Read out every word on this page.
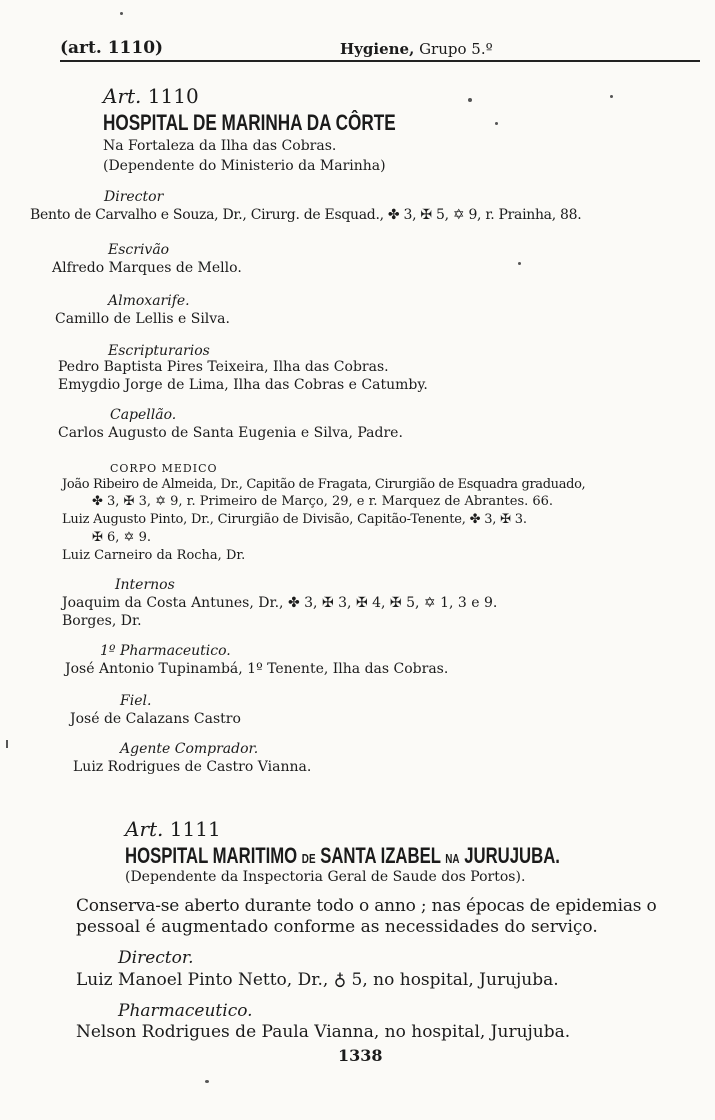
(art. 1110)	Hygiene, Grupo 5.º
Art. 1110
HOSPITAL DE MARINHA DA CÔRTE
Na Fortaleza da Ilha das Cobras.
(Dependente do Ministerio da Marinha)
Director
Bento de Carvalho e Souza, Dr., Cirurg. de Esquad., ✤ 3, ✠ 5, ✡ 9, r. Prainha, 88.
Escrivão
Alfredo Marques de Mello.
Almoxarife.
Camillo de Lellis e Silva.
Escripturarios
Pedro Baptista Pires Teixeira, Ilha das Cobras.
Emygdio Jorge de Lima, Ilha das Cobras e Catumby.
Capellão.
Carlos Augusto de Santa Eugenia e Silva, Padre.
CORPO MEDICO
João Ribeiro de Almeida, Dr., Capitão de Fragata, Cirurgião de Esquadra graduado,
✤ 3, ✠ 3, ✡ 9, r. Primeiro de Março, 29, e r. Marquez de Abrantes. 66.
Luiz Augusto Pinto, Dr., Cirurgião de Divisão, Capitão-Tenente, ✤ 3, ✠ 3.
✠ 6, ✡ 9.
Luiz Carneiro da Rocha, Dr.
Internos
Joaquim da Costa Antunes, Dr., ✤ 3, ✠ 3, ✠ 4, ✠ 5, ✡ 1, 3 e 9.
Borges, Dr.
1º Pharmaceutico.
José Antonio Tupinambá, 1º Tenente, Ilha das Cobras.
Fiel.
José de Calazans Castro
Agente Comprador.
Luiz Rodrigues de Castro Vianna.
Art. 1111
HOSPITAL MARITIMO DE SANTA IZABEL NA JURUJUBA.
(Dependente da Inspectoria Geral de Saude dos Portos).
Conserva-se aberto durante todo o anno ; nas épocas de epidemias o
pessoal é augmentado conforme as necessidades do serviço.
Director.
Luiz Manoel Pinto Netto, Dr., ♁ 5, no hospital, Jurujuba.
Pharmaceutico.
Nelson Rodrigues de Paula Vianna, no hospital, Jurujuba.
1338
